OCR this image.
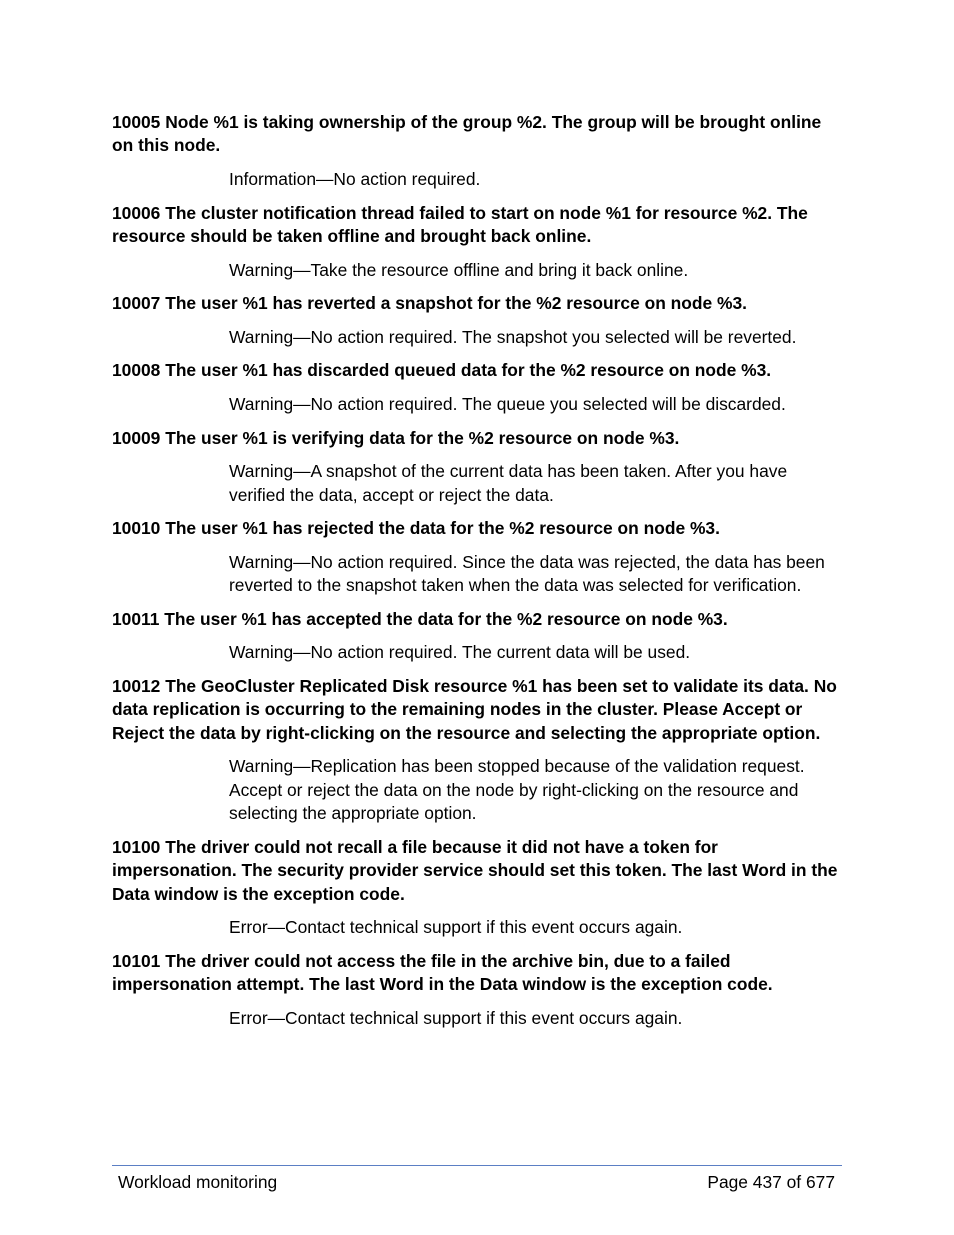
10005 Node %1 is taking ownership of the group %2. The group will be brought online on this node.

Information—No action required.

10006 The cluster notification thread failed to start on node %1 for resource %2. The resource should be taken offline and brought back online.

Warning—Take the resource offline and bring it back online.

10007 The user %1 has reverted a snapshot for the %2 resource on node %3.

Warning—No action required. The snapshot you selected will be reverted.

10008 The user %1 has discarded queued data for the %2 resource on node %3.

Warning—No action required. The queue you selected will be discarded.

10009 The user %1 is verifying data for the %2 resource on node %3.

Warning—A snapshot of the current data has been taken. After you have verified the data, accept or reject the data.

10010 The user %1 has rejected the data for the %2 resource on node %3.

Warning—No action required. Since the data was rejected, the data has been reverted to the snapshot taken when the data was selected for verification.

10011 The user %1 has accepted the data for the %2 resource on node %3.

Warning—No action required. The current data will be used.

10012 The GeoCluster Replicated Disk resource %1 has been set to validate its data. No data replication is occurring to the remaining nodes in the cluster. Please Accept or Reject the data by right-clicking on the resource and selecting the appropriate option.

Warning—Replication has been stopped because of the validation request. Accept or reject the data on the node by right-clicking on the resource and selecting the appropriate option.

10100 The driver could not recall a file because it did not have a token for impersonation. The security provider service should set this token. The last Word in the Data window is the exception code.

Error—Contact technical support if this event occurs again.

10101 The driver could not access the file in the archive bin, due to a failed impersonation attempt. The last Word in the Data window is the exception code.

Error—Contact technical support if this event occurs again.

Workload monitoring	Page 437 of 677
